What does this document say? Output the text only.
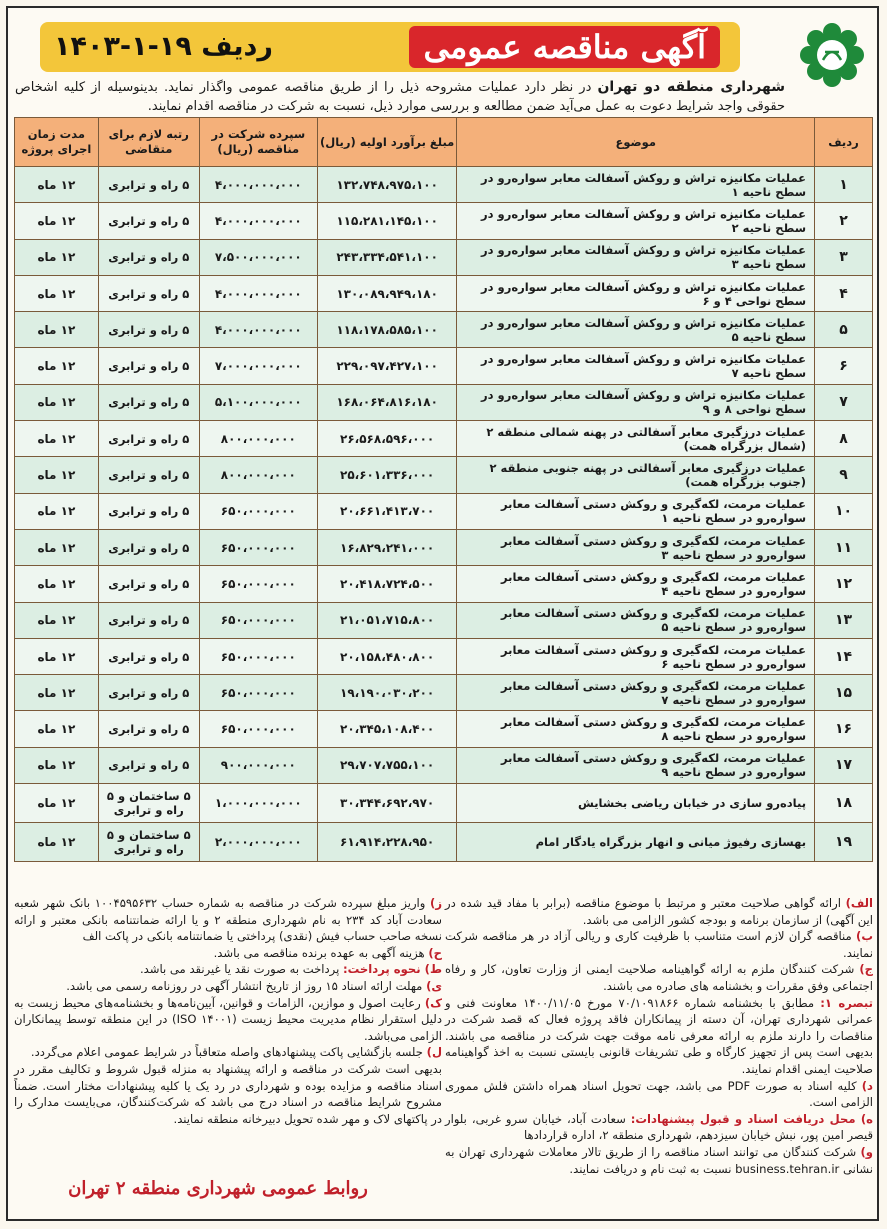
آگهی مناقصه عمومی
ردیف ۱۹-۱-۱۴۰۳
شهرداری منطقه دو تهران در نظر دارد عملیات مشروحه ذیل را از طریق مناقصه عمومی واگذار نماید. بدینوسیله از کلیه اشخاص حقوقی واجد شرایط دعوت به عمل می‌آید ضمن مطالعه و بررسی موارد ذیل، نسبت به شرکت در مناقصه اقدام نمایند.
ردیف	موضوع	مبلغ برآورد اولیه (ریال)	سپرده شرکت در مناقصه (ریال)	رتبه لازم برای متقاضی	مدت زمان اجرای پروژه
۱	عملیات مکانیزه تراش و روکش آسفالت معابر سواره‌رو در سطح ناحیه ۱	۱۳۲،۷۴۸،۹۷۵،۱۰۰	۴،۰۰۰،۰۰۰،۰۰۰	۵ راه و ترابری	۱۲ ماه
۲	عملیات مکانیزه تراش و روکش آسفالت معابر سواره‌رو در سطح ناحیه ۲	۱۱۵،۲۸۱،۱۴۵،۱۰۰	۴،۰۰۰،۰۰۰،۰۰۰	۵ راه و ترابری	۱۲ ماه
۳	عملیات مکانیزه تراش و روکش آسفالت معابر سواره‌رو در سطح ناحیه ۳	۲۴۳،۳۳۴،۵۴۱،۱۰۰	۷،۵۰۰،۰۰۰،۰۰۰	۵ راه و ترابری	۱۲ ماه
۴	عملیات مکانیزه تراش و روکش آسفالت معابر سواره‌رو در سطح نواحی ۴ و ۶	۱۳۰،۰۸۹،۹۴۹،۱۸۰	۴،۰۰۰،۰۰۰،۰۰۰	۵ راه و ترابری	۱۲ ماه
۵	عملیات مکانیزه تراش و روکش آسفالت معابر سواره‌رو در سطح ناحیه ۵	۱۱۸،۱۷۸،۵۸۵،۱۰۰	۴،۰۰۰،۰۰۰،۰۰۰	۵ راه و ترابری	۱۲ ماه
۶	عملیات مکانیزه تراش و روکش آسفالت معابر سواره‌رو در سطح ناحیه ۷	۲۲۹،۰۹۷،۴۲۷،۱۰۰	۷،۰۰۰،۰۰۰،۰۰۰	۵ راه و ترابری	۱۲ ماه
۷	عملیات مکانیزه تراش و روکش آسفالت معابر سواره‌رو در سطح نواحی ۸ و ۹	۱۶۸،۰۶۴،۸۱۶،۱۸۰	۵،۱۰۰،۰۰۰،۰۰۰	۵ راه و ترابری	۱۲ ماه
۸	عملیات درزگیری معابر آسفالتی در پهنه شمالی منطقه ۲ (شمال بزرگراه همت)	۲۶،۵۶۸،۵۹۶،۰۰۰	۸۰۰،۰۰۰،۰۰۰	۵ راه و ترابری	۱۲ ماه
۹	عملیات درزگیری معابر آسفالتی در پهنه جنوبی منطقه ۲ (جنوب بزرگراه همت)	۲۵،۶۰۱،۳۳۶،۰۰۰	۸۰۰،۰۰۰،۰۰۰	۵ راه و ترابری	۱۲ ماه
۱۰	عملیات مرمت، لکه‌گیری و روکش دستی آسفالت معابر سواره‌رو در سطح ناحیه ۱	۲۰،۶۶۱،۴۱۳،۷۰۰	۶۵۰،۰۰۰،۰۰۰	۵ راه و ترابری	۱۲ ماه
۱۱	عملیات مرمت، لکه‌گیری و روکش دستی آسفالت معابر سواره‌رو در سطح ناحیه ۳	۱۶،۸۲۹،۲۴۱،۰۰۰	۶۵۰،۰۰۰،۰۰۰	۵ راه و ترابری	۱۲ ماه
۱۲	عملیات مرمت، لکه‌گیری و روکش دستی آسفالت معابر سواره‌رو در سطح ناحیه ۴	۲۰،۴۱۸،۷۲۴،۵۰۰	۶۵۰،۰۰۰،۰۰۰	۵ راه و ترابری	۱۲ ماه
۱۳	عملیات مرمت، لکه‌گیری و روکش دستی آسفالت معابر سواره‌رو در سطح ناحیه ۵	۲۱،۰۵۱،۷۱۵،۸۰۰	۶۵۰،۰۰۰،۰۰۰	۵ راه و ترابری	۱۲ ماه
۱۴	عملیات مرمت، لکه‌گیری و روکش دستی آسفالت معابر سواره‌رو در سطح ناحیه ۶	۲۰،۱۵۸،۴۸۰،۸۰۰	۶۵۰،۰۰۰،۰۰۰	۵ راه و ترابری	۱۲ ماه
۱۵	عملیات مرمت، لکه‌گیری و روکش دستی آسفالت معابر سواره‌رو در سطح ناحیه ۷	۱۹،۱۹۰،۰۳۰،۲۰۰	۶۵۰،۰۰۰،۰۰۰	۵ راه و ترابری	۱۲ ماه
۱۶	عملیات مرمت، لکه‌گیری و روکش دستی آسفالت معابر سواره‌رو در سطح ناحیه ۸	۲۰،۳۴۵،۱۰۸،۴۰۰	۶۵۰،۰۰۰،۰۰۰	۵ راه و ترابری	۱۲ ماه
۱۷	عملیات مرمت، لکه‌گیری و روکش دستی آسفالت معابر سواره‌رو در سطح ناحیه ۹	۲۹،۷۰۷،۷۵۵،۱۰۰	۹۰۰،۰۰۰،۰۰۰	۵ راه و ترابری	۱۲ ماه
۱۸	پیاده‌رو سازی در خیابان ریاضی بخشایش	۳۰،۳۴۴،۶۹۲،۹۷۰	۱،۰۰۰،۰۰۰،۰۰۰	۵ ساختمان و ۵ راه و ترابری	۱۲ ماه
۱۹	بهسازی رفیوژ میانی و انهار بزرگراه یادگار امام	۶۱،۹۱۴،۲۲۸،۹۵۰	۲،۰۰۰،۰۰۰،۰۰۰	۵ ساختمان و ۵ راه و ترابری	۱۲ ماه

الف) ارائه گواهی صلاحیت معتبر و مرتبط با موضوع مناقصه (برابر با مفاد قید شده در این آگهی) از سازمان برنامه و بودجه کشور الزامی می باشد.

ب) مناقصه گران لازم است متناسب با ظرفیت کاری و ریالی آزاد در هر مناقصه شرکت نمایند.

ج) شرکت کنندگان ملزم به ارائه گواهینامه صلاحیت ایمنی از وزارت تعاون، کار و رفاه اجتماعی وفق مقررات و بخشنامه های صادره می باشند.

تبصره ۱: مطابق با بخشنامه شماره ۷۰/۱۰۹۱۸۶۶ مورخ ۱۴۰۰/۱۱/۰۵ معاونت فنی و عمرانی شهرداری تهران، آن دسته از پیمانکاران فاقد پروژه فعال که قصد شرکت در مناقصات را دارند ملزم به ارائه معرفی نامه موقت جهت شرکت در مناقصه می باشند. بدیهی است پس از تجهیز کارگاه و طی تشریفات قانونی بایستی نسبت به اخذ گواهینامه صلاحیت ایمنی اقدام نمایند.

د) کلیه اسناد به صورت PDF می باشد، جهت تحویل اسناد همراه داشتن فلش مموری الزامی است.

ه) محل دریافت اسناد و قبول پیشنهادات: سعادت آباد، خیابان سرو غربی، بلوار قیصر امین پور، نبش خیابان سیزدهم، شهرداری منطقه ۲، اداره قراردادها

و) شرکت کنندگان می توانند اسناد مناقصه را از طریق تالار معاملات شهرداری تهران به نشانی business.tehran.ir نسبت به ثبت نام و دریافت نمایند.

ز) واریز مبلغ سپرده شرکت در مناقصه به شماره حساب ۱۰۰۴۵۹۵۶۳۲ بانک شهر شعبه سعادت آباد کد ۲۳۴ به نام شهرداری منطقه ۲ و یا ارائه ضمانتنامه بانکی معتبر و ارائه نسخه صاحب حساب فیش (نقدی) پرداختی یا ضمانتنامه بانکی در پاکت الف

ح) هزینه آگهی به عهده برنده مناقصه می باشد.

ط) نحوه پرداخت: پرداخت به صورت نقد یا غیرنقد می باشد.

ی) مهلت ارائه اسناد ۱۵ روز از تاریخ انتشار آگهی در روزنامه رسمی می باشد.

ک) رعایت اصول و موازین، الزامات و قوانین، آیین‌نامه‌ها و بخشنامه‌های محیط زیست به دلیل استقرار نظام مدیریت محیط زیست (ISO ۱۴۰۰۱) در این منطقه توسط پیمانکاران الزامی می‌باشد.

ل) جلسه بازگشایی پاکت پیشنهادهای واصله متعاقباً در شرایط عمومی اعلام می‌گردد.

بدیهی است شرکت در مناقصه و ارائه پیشنهاد به منزله قبول شروط و تکالیف مقرر در اسناد مناقصه و مزایده بوده و شهرداری در رد یک یا کلیه پیشنهادات مختار است. ضمناً مشروح شرایط مناقصه در اسناد درج می باشد که شرکت‌کنندگان، می‌بایست مدارک را در پاکتهای لاک و مهر شده تحویل دبیرخانه منطقه نمایند.

روابط عمومی شهرداری منطقه ۲ تهران
